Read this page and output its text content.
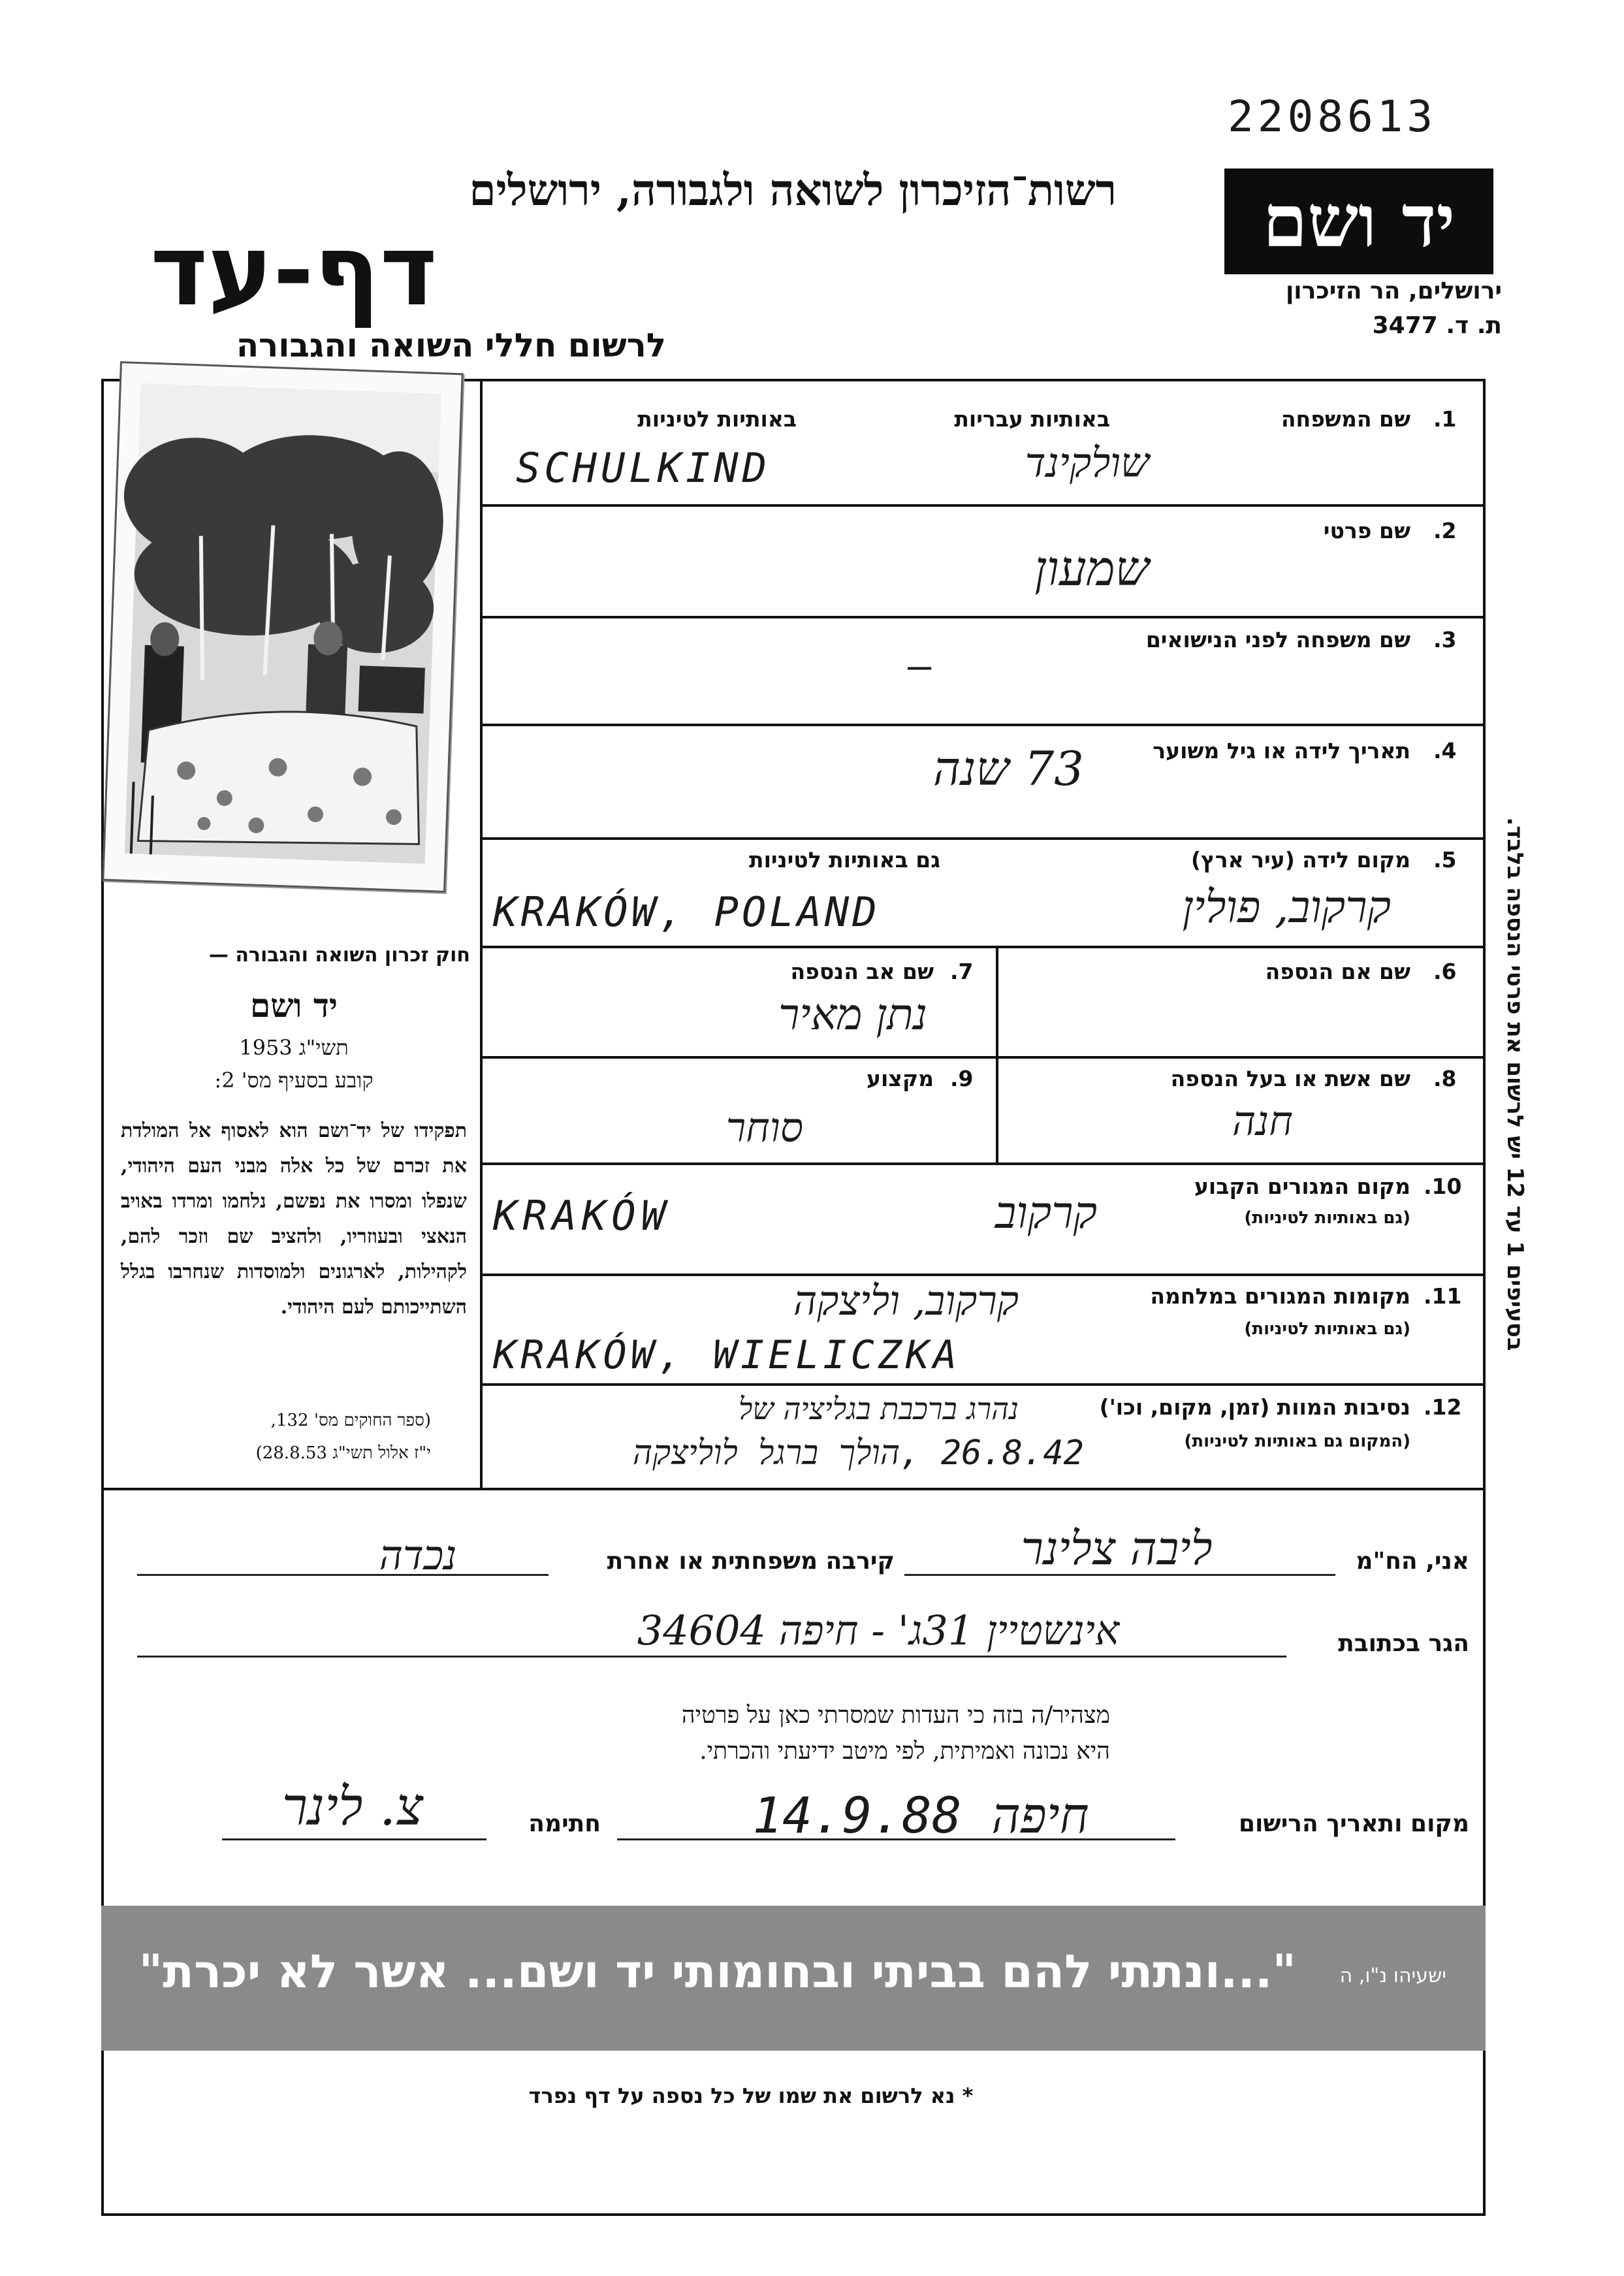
2208613
יד ושם
ירושלים, הר הזיכרון
ת. ד. 3477
רשות־הזיכרון לשואה ולגבורה, ירושלים
דף-עד
לרשום חללי השואה והגבורה
1.
שם המשפחה
באותיות עבריות
באותיות לטיניות
SCHULKIND	שולקינד
2.
שם פרטי
שמעון
3.
שם משפחה לפני הנישואים
—
4.
תאריך לידה או גיל משוער
73 שנה
5.
מקום לידה (עיר ארץ)
גם באותיות לטיניות
KRAKÓW, POLAND	קרקוב, פולין
6.
שם אם הנספה
7.
שם אב הנספה
נתן מאיר
8.
שם אשת או בעל הנספה
חנה
9.
מקצוע
סוחר
10.
מקום המגורים הקבוע
(גם באותיות לטיניות)
KRAKÓW	קרקוב
11.
מקומות המגורים במלחמה
(גם באותיות לטיניות)
קרקוב, וליצקה
KRAKÓW, WIELICZKA
12.
נסיבות המוות (זמן, מקום, וכו')
(המקום גם באותיות לטיניות)
נהרג ברכבת בגליציה של
26.8.42 ,הולך ברגל לוליצקה
חוק זכרון השואה והגבורה —
יד ושם
תשי"ג 1953
קובע בסעיף מס' 2:
תפקידו של יד־ושם הוא לאסוף אל המולדת את זכרם של כל אלה מבני העם היהודי, שנפלו ומסרו את נפשם, נלחמו ומרדו באויב הנאצי ובעוזריו, ולהציב שם וזכר להם, לקהילות, לארגונים ולמוסדות שנחרבו בגלל השתייכותם לעם היהודי.
(ספר החוקים מס' 132,
י"ז אלול תשי"ג 28.8.53)
בסעיפים 1 עד 12 יש לרשום את פרטי הנספה בלבד.
אני, הח"מ
ליבה צלינר
קירבה משפחתית או אחרת
נכדה
הגר בכתובת
אינשטיין 31ג' - חיפה 34604
מצהיר/ה בזה כי העדות שמסרתי כאן על פרטיה
היא נכונה ואמיתית, לפי מיטב ידיעתי והכרתי.
מקום ותאריך הרישום
חיפה 14.9.88
חתימה
צ. לינר
"...ונתתי להם בביתי ובחומותי יד ושם... אשר לא יכרת"	ישעיהו נ"ו, ה
* נא לרשום את שמו של כל נספה על דף נפרד
